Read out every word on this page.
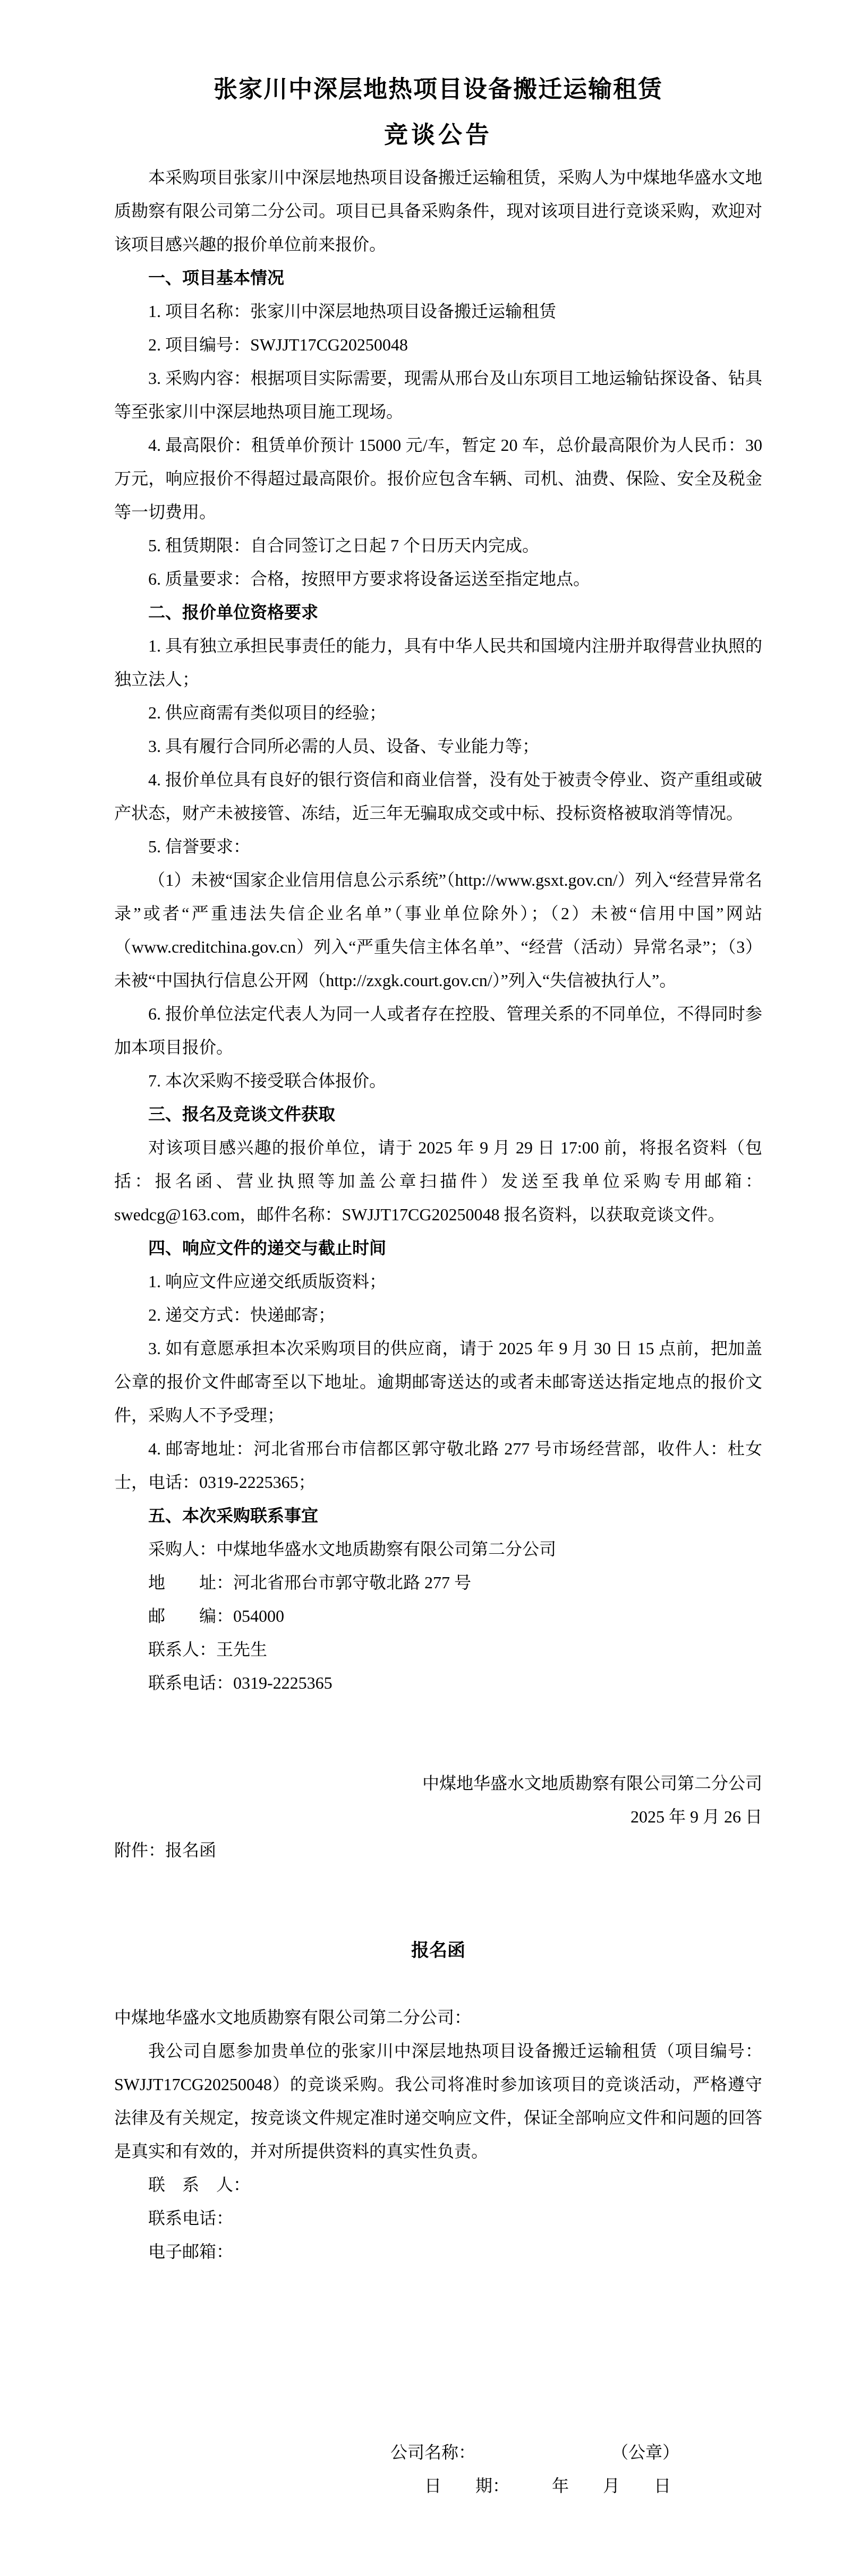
张家川中深层地热项目设备搬迁运输租赁
竞谈公告
本采购项目张家川中深层地热项目设备搬迁运输租赁，采购人为中煤地华盛水文地质勘察有限公司第二分公司。项目已具备采购条件，现对该项目进行竞谈采购，欢迎对该项目感兴趣的报价单位前来报价。
一、项目基本情况
1. 项目名称：张家川中深层地热项目设备搬迁运输租赁
2. 项目编号：SWJJT17CG20250048
3. 采购内容：根据项目实际需要，现需从邢台及山东项目工地运输钻探设备、钻具等至张家川中深层地热项目施工现场。
4. 最高限价：租赁单价预计 15000 元/车，暂定 20 车，总价最高限价为人民币：30 万元，响应报价不得超过最高限价。报价应包含车辆、司机、油费、保险、安全及税金等一切费用。
5. 租赁期限：自合同签订之日起 7 个日历天内完成。
6. 质量要求：合格，按照甲方要求将设备运送至指定地点。
二、报价单位资格要求
1. 具有独立承担民事责任的能力，具有中华人民共和国境内注册并取得营业执照的独立法人；
2. 供应商需有类似项目的经验；
3. 具有履行合同所必需的人员、设备、专业能力等；
4. 报价单位具有良好的银行资信和商业信誉，没有处于被责令停业、资产重组或破产状态，财产未被接管、冻结，近三年无骗取成交或中标、投标资格被取消等情况。
5. 信誉要求：
（1）未被“国家企业信用信息公示系统”（http://www.gsxt.gov.cn/）列入“经营异常名录”或者“严重违法失信企业名单”（事业单位除外）；（2）未被“信用中国”网站（www.creditchina.gov.cn）列入“严重失信主体名单”、“经营（活动）异常名录”；（3）未被“中国执行信息公开网（http://zxgk.court.gov.cn/）”列入“失信被执行人”。
6. 报价单位法定代表人为同一人或者存在控股、管理关系的不同单位，不得同时参加本项目报价。
7. 本次采购不接受联合体报价。
三、报名及竞谈文件获取
对该项目感兴趣的报价单位，请于 2025 年 9 月 29 日 17:00 前，将报名资料（包括：报名函、营业执照等加盖公章扫描件）发送至我单位采购专用邮箱：swedcg@163.com，邮件名称：SWJJT17CG20250048 报名资料，以获取竞谈文件。
四、响应文件的递交与截止时间
1. 响应文件应递交纸质版资料；
2. 递交方式：快递邮寄；
3. 如有意愿承担本次采购项目的供应商，请于 2025 年 9 月 30 日 15 点前，把加盖公章的报价文件邮寄至以下地址。逾期邮寄送达的或者未邮寄送达指定地点的报价文件，采购人不予受理；
4. 邮寄地址：河北省邢台市信都区郭守敬北路 277 号市场经营部，收件人：杜女士，电话：0319-2225365；
五、本次采购联系事宜
采购人：中煤地华盛水文地质勘察有限公司第二分公司
地　　址：河北省邢台市郭守敬北路 277 号
邮　　编：054000
联系人：王先生
联系电话：0319-2225365
中煤地华盛水文地质勘察有限公司第二分公司
2025 年 9 月 26 日
附件：报名函
报名函
中煤地华盛水文地质勘察有限公司第二分公司：
我公司自愿参加贵单位的张家川中深层地热项目设备搬迁运输租赁（项目编号：SWJJT17CG20250048）的竞谈采购。我公司将准时参加该项目的竞谈活动，严格遵守法律及有关规定，按竞谈文件规定准时递交响应文件，保证全部响应文件和问题的回答是真实和有效的，并对所提供资料的真实性负责。
联　系　人：
联系电话：
电子邮箱：
公司名称：　　　　　　　　　（公章）
　　日　　期：　　　年　　月　　日
